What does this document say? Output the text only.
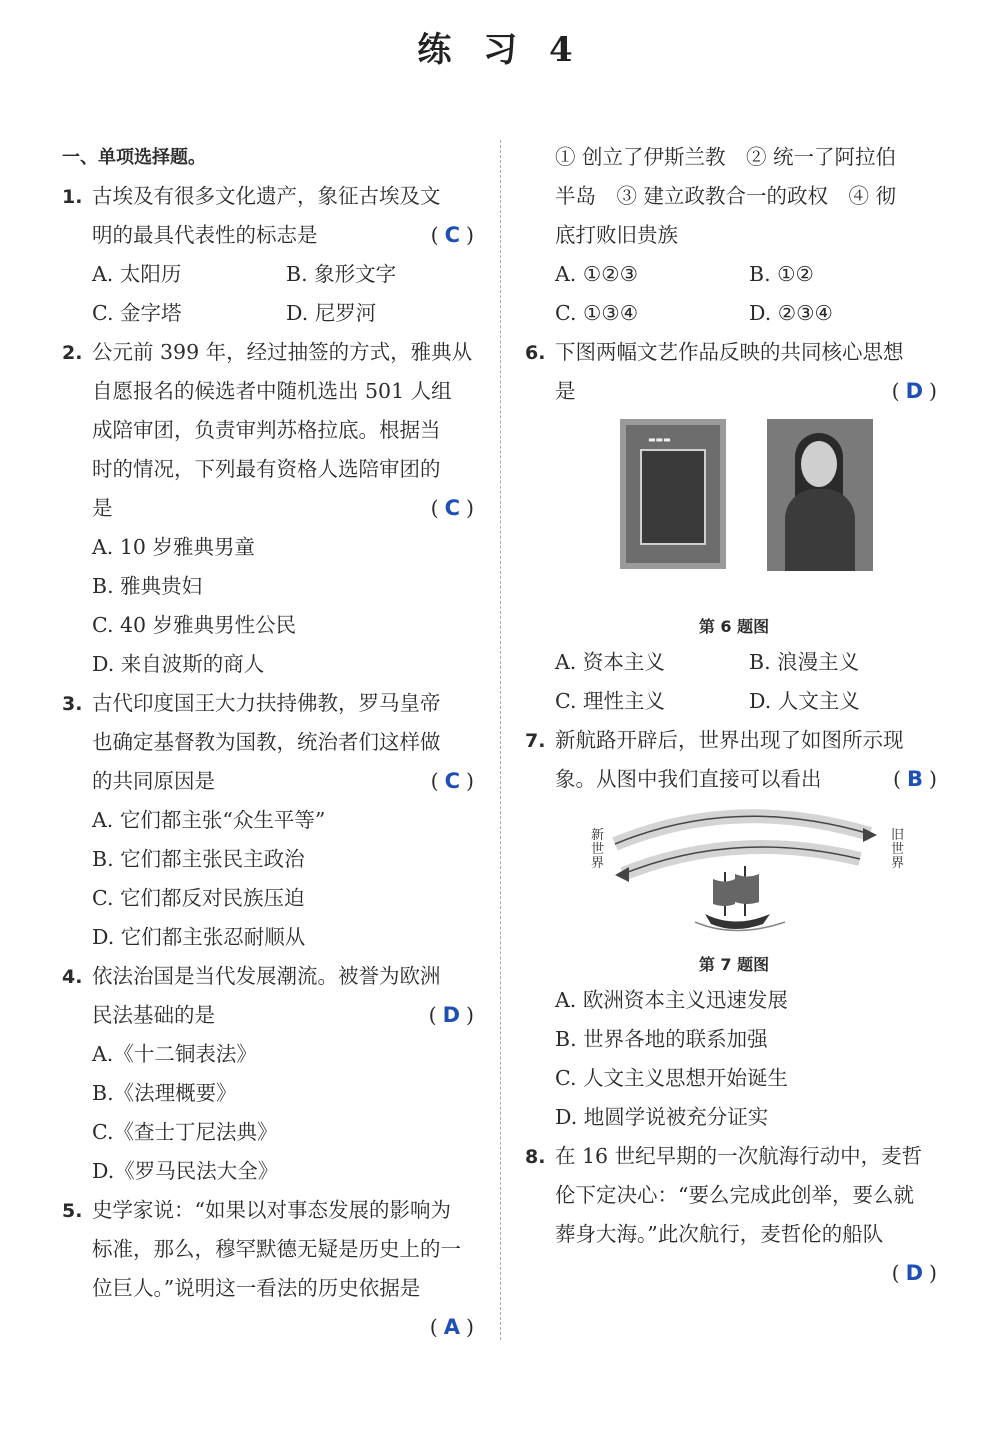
练 习 4
一、单项选择题。
1. 古埃及有很多文化遗产，象征古埃及文
明的最具代表性的标志是	(C)
A. 太阳历	B. 象形文字
C. 金字塔	D. 尼罗河
2. 公元前 399 年，经过抽签的方式，雅典从
自愿报名的候选者中随机选出 501 人组
成陪审团，负责审判苏格拉底。根据当
时的情况，下列最有资格人选陪审团的
是	(C)
A. 10 岁雅典男童
B. 雅典贵妇
C. 40 岁雅典男性公民
D. 来自波斯的商人
3. 古代印度国王大力扶持佛教，罗马皇帝
也确定基督教为国教，统治者们这样做
的共同原因是	(C)
A. 它们都主张“众生平等”
B. 它们都主张民主政治
C. 它们都反对民族压迫
D. 它们都主张忍耐顺从
4. 依法治国是当代发展潮流。被誉为欧洲
民法基础的是	(D)
A.《十二铜表法》
B.《法理概要》
C.《查士丁尼法典》
D.《罗马民法大全》
5. 史学家说：“如果以对事态发展的影响为
标准，那么，穆罕默德无疑是历史上的一
位巨人。”说明这一看法的历史依据是
(A)
① 创立了伊斯兰教　② 统一了阿拉伯
半岛　③ 建立政教合一的政权　④ 彻
底打败旧贵族
A. ①②③	B. ①②
C. ①③④	D. ②③④
6. 下图两幅文艺作品反映的共同核心思想
是	(D)
▬▬▬
第 6 题图
A. 资本主义	B. 浪漫主义
C. 理性主义	D. 人文主义
7. 新航路开辟后，世界出现了如图所示现
象。从图中我们直接可以看出	(B)
新
世
界
旧
世
界
第 7 题图
A. 欧洲资本主义迅速发展
B. 世界各地的联系加强
C. 人文主义思想开始诞生
D. 地圆学说被充分证实
8. 在 16 世纪早期的一次航海行动中，麦哲
伦下定决心：“要么完成此创举，要么就
葬身大海。”此次航行，麦哲伦的船队
(D)
